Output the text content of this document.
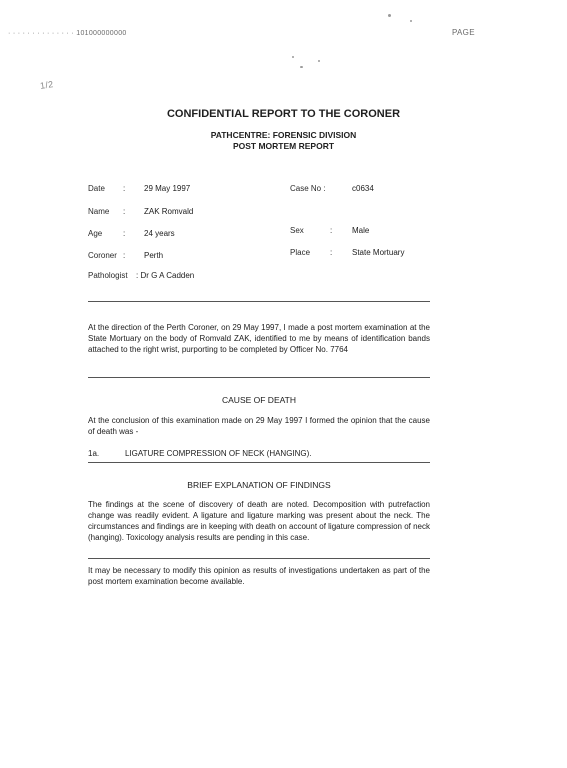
· · · · · · · · · · · · · · 101000000000	PAGE
1/2
CONFIDENTIAL REPORT TO THE CORONER
PATHCENTRE: FORENSIC DIVISION
POST MORTEM REPORT
Date : 29 May 1997	Case No :	c0634
Name : ZAK Romvald
Age	: 24 years	Sex	: Male
Coroner : Perth	Place : State Mortuary
Pathologist : Dr G A Cadden
At the direction of the Perth Coroner, on 29 May 1997, I made a post mortem examination at the State Mortuary on the body of Romvald ZAK, identified to me by means of identification bands attached to the right wrist, purporting to be completed by Officer No. 7764
CAUSE OF DEATH
At the conclusion of this examination made on 29 May 1997 I formed the opinion that the cause of death was -
1a.	LIGATURE COMPRESSION OF NECK (HANGING).
BRIEF EXPLANATION OF FINDINGS
The findings at the scene of discovery of death are noted. Decomposition with putrefaction change was readily evident. A ligature and ligature marking was present about the neck. The circumstances and findings are in keeping with death on account of ligature compression of neck (hanging). Toxicology analysis results are pending in this case.
It may be necessary to modify this opinion as results of investigations undertaken as part of the post mortem examination become available.
